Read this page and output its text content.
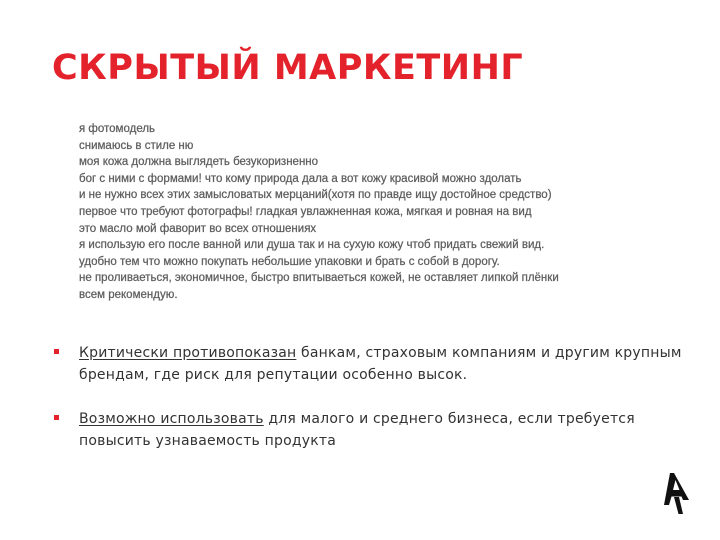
СКРЫТЫЙ МАРКЕТИНГ
я фотомодель
снимаюсь в стиле ню
моя кожа должна выглядеть безукоризненно
бог с ними с формами! что кому природа дала а вот кожу красивой можно здолать
и не нужно всех этих замысловатых мерцаний(хотя по правде ищу достойное средство)
первое что требуют фотографы! гладкая увлажненная кожа, мягкая и ровная на вид
это масло мой фаворит во всех отношениях
я использую его после ванной или душа так и на сухую кожу чтоб придать свежий вид.
удобно тем что можно покупать небольшие упаковки и брать с собой в дорогу.
не проливаеться, экономичное, быстро впитываеться кожей, не оставляет липкой плёнки
всем рекомендую.
Критически противопоказан банкам, страховым компаниям и другим крупным брендам, где риск для репутации особенно высок.
Возможно использовать для малого и среднего бизнеса, если требуется повысить узнаваемость продукта
